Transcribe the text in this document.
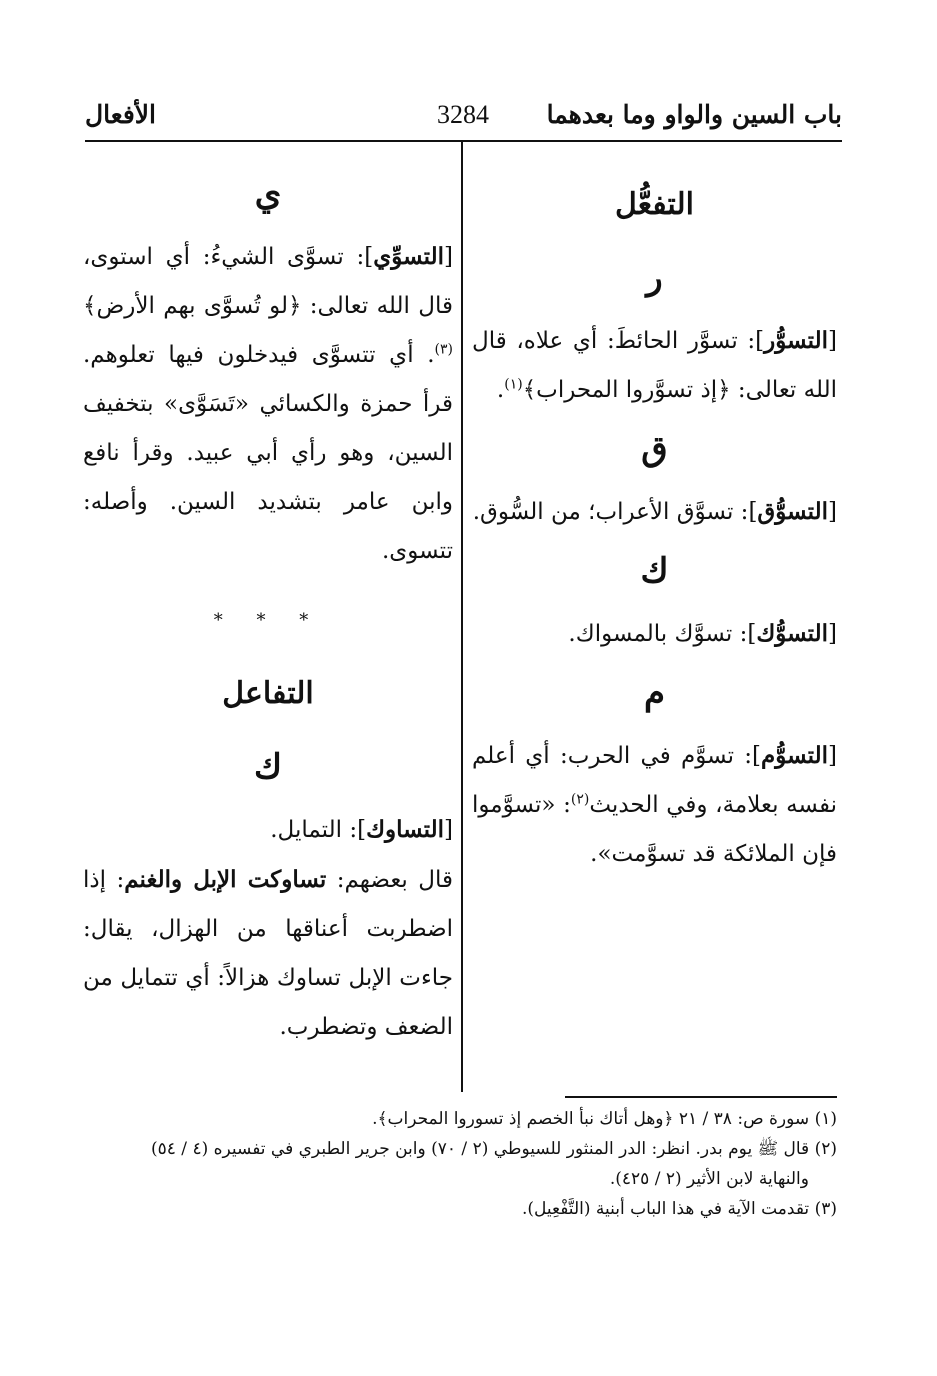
باب السين والواو وما بعدهما
3284
الأفعال
التفعُّل
ر

[التسوُّر]: تسوَّر الحائطَ: أي علاه، قال الله تعالى: ﴿إذ تسوَّروا المحراب﴾$^{(١)}$.

ق

[التسوُّق]: تسوَّق الأعراب؛ من السُّوق.

ك

[التسوُّك]: تسوَّك بالمسواك.

م

[التسوُّم]: تسوَّم في الحرب: أي أعلم نفسه بعلامة، وفي الحديث$^{(٢)}$: «تسوَّموا فإن الملائكة قد تسوَّمت».

ي

[التسوِّي]: تسوَّى الشيءُ: أي استوى، قال الله تعالى: ﴿لو تُسوَّى بهم الأرض﴾$^{(٣)}$. أي تتسوَّى فيدخلون فيها تعلوهم. قرأ حمزة والكسائي «تَسَوَّى» بتخفيف السين، وهو رأي أبي عبيد. وقرأ نافع وابن عامر بتشديد السين. وأصله: تتسوى.

* * *
التفاعل
ك

[التساوك]: التمايل.

قال بعضهم: تساوكت الإبل والغنم: إذا اضطربت أعناقها من الهزال، يقال: جاءت الإبل تساوك هزالاً: أي تتمايل من الضعف وتضطرب.

(١) سورة ص: ٣٨ / ٢١ ﴿وهل أتاك نبأ الخصم إذ تسوروا المحراب﴾.

(٢) قال ﷺ يوم بدر. انظر: الدر المنثور للسيوطي (٢ / ٧٠) وابن جرير الطبري في تفسيره (٤ / ٥٤)

والنهاية لابن الأثير (٢ / ٤٢٥).

(٣) تقدمت الآية في هذا الباب أبنية (التَّفْعِيل).
